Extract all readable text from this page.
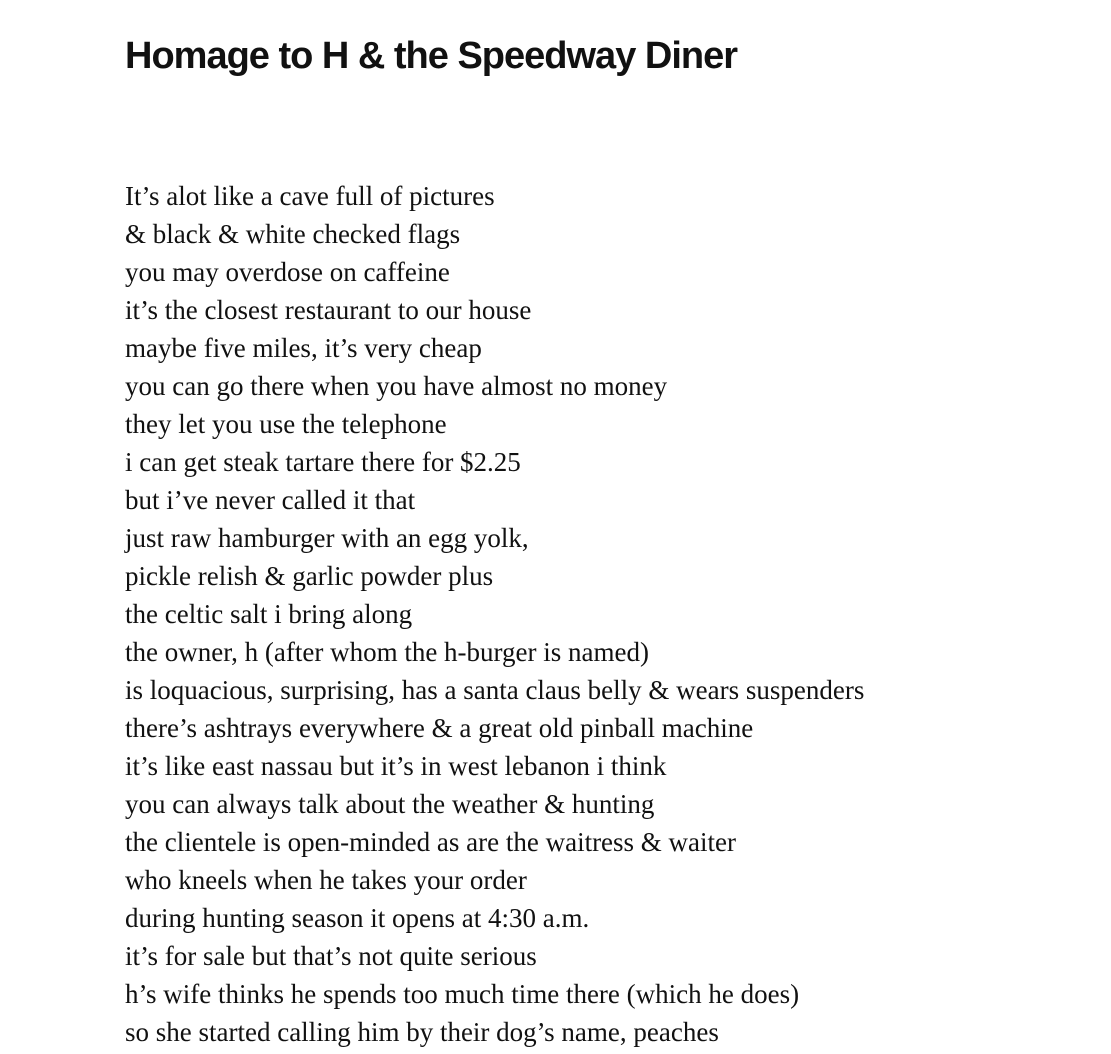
Homage to H & the Speedway Diner
It’s alot like a cave full of pictures
& black & white checked flags
you may overdose on caffeine
it’s the closest restaurant to our house
maybe five miles, it’s very cheap
you can go there when you have almost no money
they let you use the telephone
i can get steak tartare there for $2.25
but i’ve never called it that
just raw hamburger with an egg yolk,
pickle relish & garlic powder plus
the celtic salt i bring along
the owner, h (after whom the h-burger is named)
is loquacious, surprising, has a santa claus belly & wears suspenders
there’s ashtrays everywhere & a great old pinball machine
it’s like east nassau but it’s in west lebanon i think
you can always talk about the weather & hunting
the clientele is open-minded as are the waitress & waiter
who kneels when he takes your order
during hunting season it opens at 4:30 a.m.
it’s for sale but that’s not quite serious
h’s wife thinks he spends too much time there (which he does)
so she started calling him by their dog’s name, peaches
